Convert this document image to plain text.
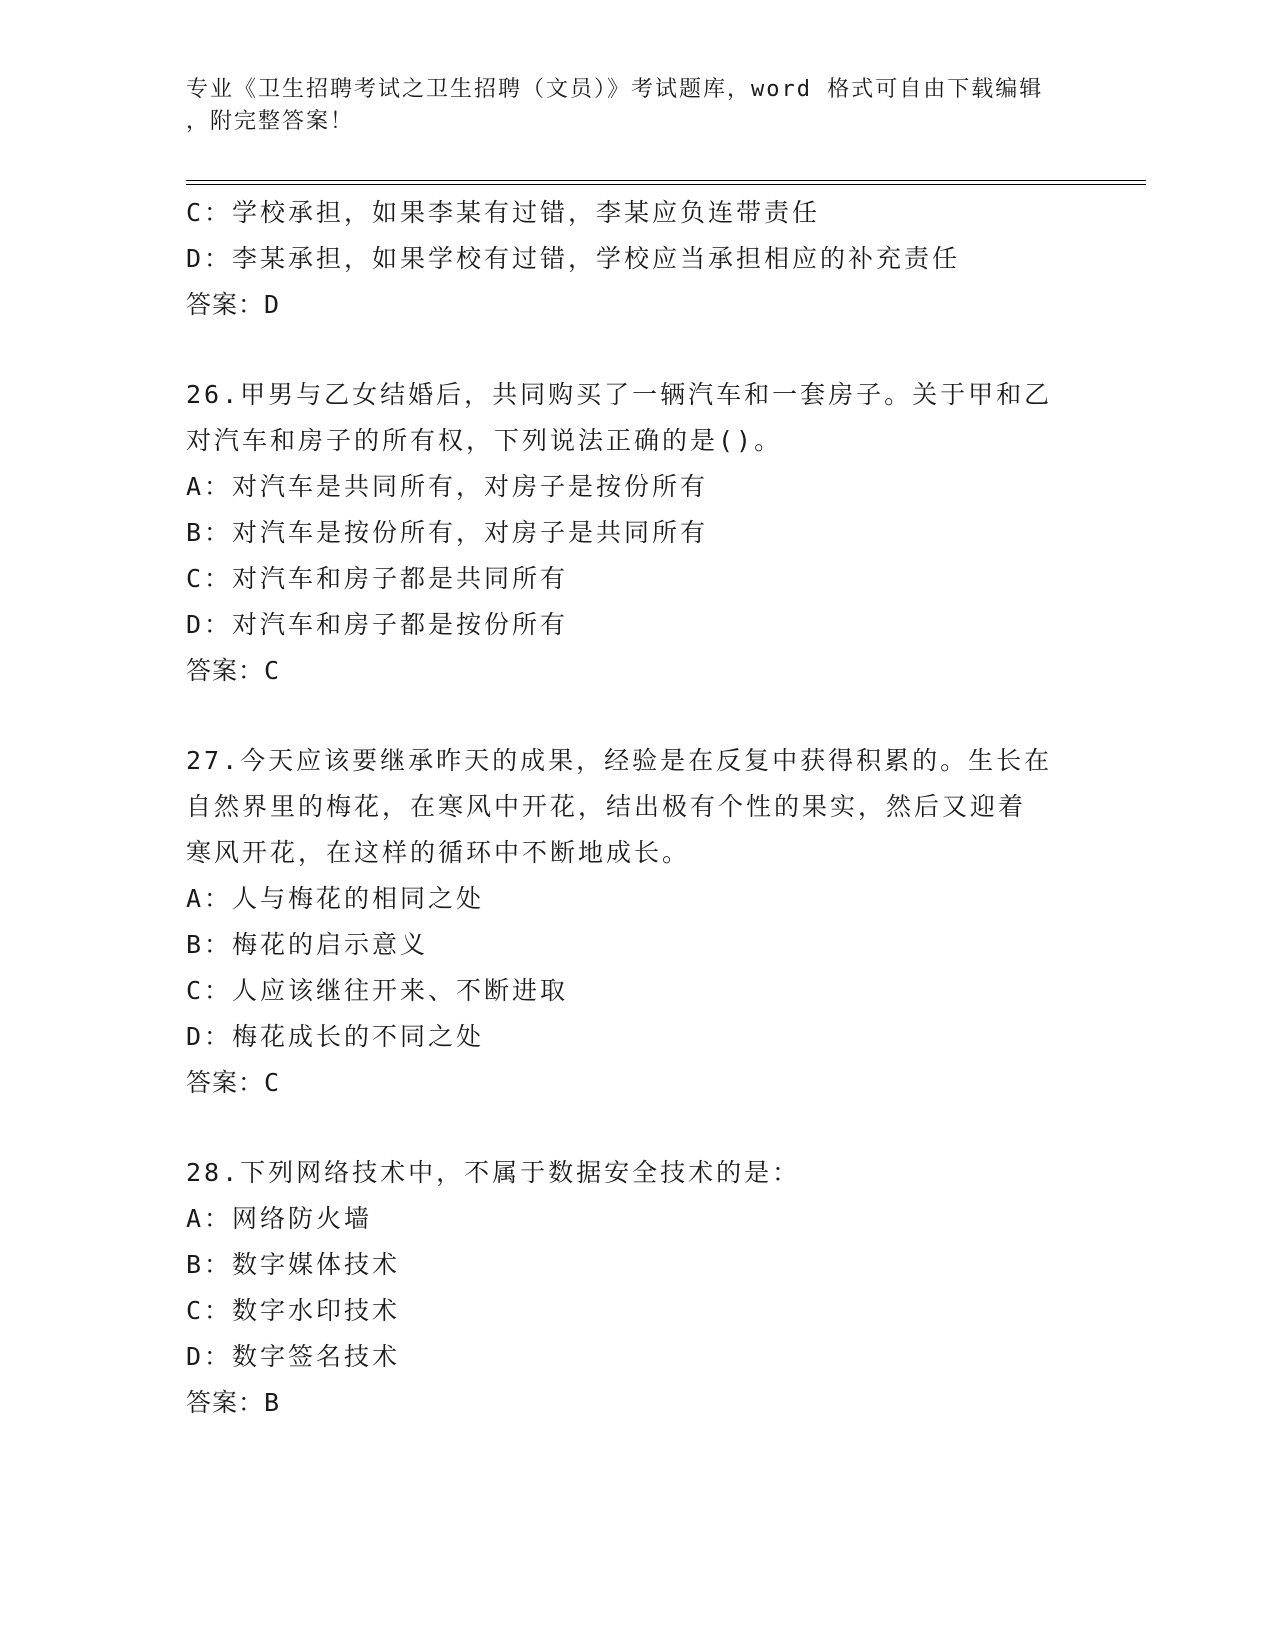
专业《卫生招聘考试之卫生招聘（文员）》考试题库，word 格式可自由下载编辑
，附完整答案！
C：学校承担，如果李某有过错，李某应负连带责任
D：李某承担，如果学校有过错，学校应当承担相应的补充责任
答案：D
26.甲男与乙女结婚后，共同购买了一辆汽车和一套房子。关于甲和乙
对汽车和房子的所有权，下列说法正确的是()。
A：对汽车是共同所有，对房子是按份所有
B：对汽车是按份所有，对房子是共同所有
C：对汽车和房子都是共同所有
D：对汽车和房子都是按份所有
答案：C
27.今天应该要继承昨天的成果，经验是在反复中获得积累的。生长在
自然界里的梅花，在寒风中开花，结出极有个性的果实，然后又迎着
寒风开花，在这样的循环中不断地成长。
A：人与梅花的相同之处
B：梅花的启示意义
C：人应该继往开来、不断进取
D：梅花成长的不同之处
答案：C
28.下列网络技术中，不属于数据安全技术的是：
A：网络防火墙
B：数字媒体技术
C：数字水印技术
D：数字签名技术
答案：B
